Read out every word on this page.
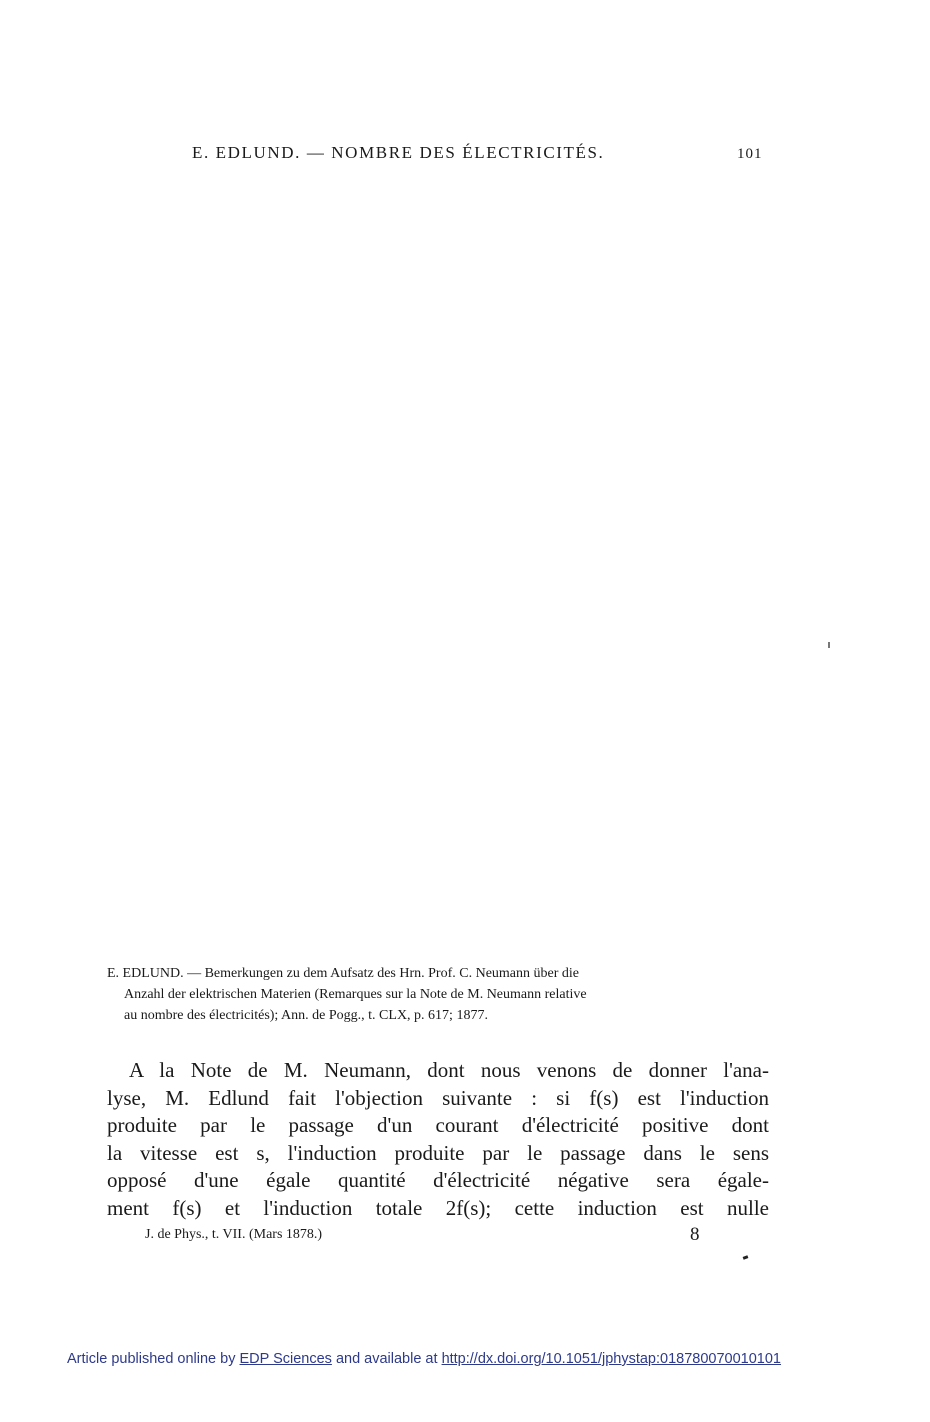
E. EDLUND. — NOMBRE DES ÉLECTRICITÉS.	101
E. EDLUND. — Bemerkungen zu dem Aufsatz des Hrn. Prof. C. Neumann über die
Anzahl der elektrischen Materien (Remarques sur la Note de M. Neumann relative
au nombre des électricités); Ann. de Pogg., t. CLX, p. 617; 1877.
A la Note de M. Neumann, dont nous venons de donner l'ana-
lyse, M. Edlund fait l'objection suivante : si f(s) est l'induction
produite par le passage d'un courant d'électricité positive dont
la vitesse est s, l'induction produite par le passage dans le sens
opposé d'une égale quantité d'électricité négative sera égale-
ment f(s) et l'induction totale 2f(s); cette induction est nulle
J. de Phys., t. VII. (Mars 1878.)	8
Article published online by EDP Sciences and available at http://dx.doi.org/10.1051/jphystap:018780070010101
